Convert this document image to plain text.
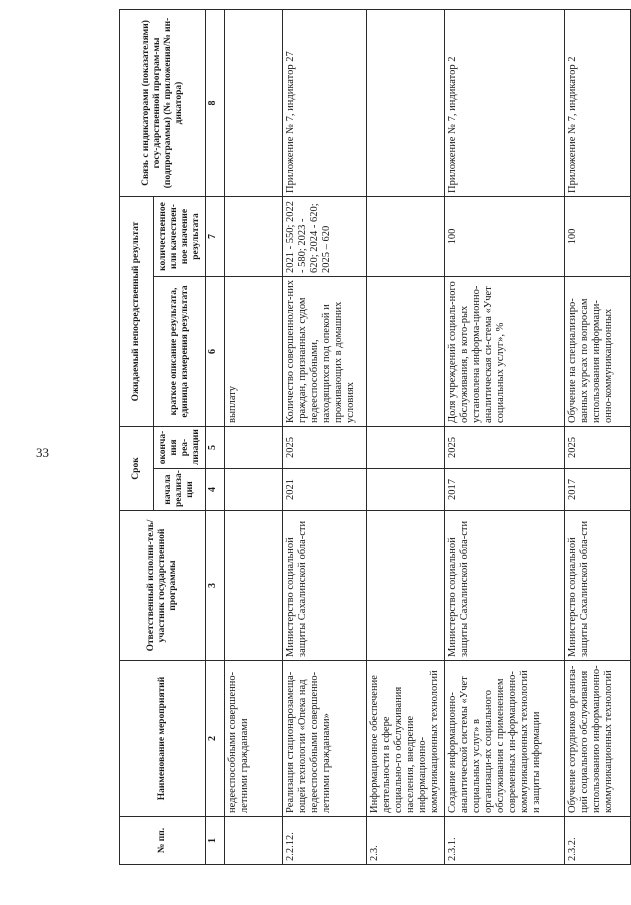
33
№ пп.	Наименование мероприятий	Ответственный исполни-тель/участник государственной программы	Срок		Ожидаемый непосредственный результат		Связь с индикаторами (показателями) госу-дарственной програм-мы (подпрограммы) (№ приложения/№ ин-дикатора)
			начала реализа-ции	оконча-ния реа-лизации	краткое описание результата, единица измерения результата	количественное или качествен-ное значение результата	
1	2	3	4	5	6	7	8
	недееспособными совершенно-летними гражданами				выплату		
2.2.12.	Реализация стационарозамеща-ющей технологии «Опека над недееспособными совершенно-летними гражданами»	Министерство социальной защиты Сахалинской обла-сти	2021	2025	Количество совершеннолет-них граждан, признанных судом недееспособными, находящихся под опекой и проживающих в домашних условиях	2021 - 550; 2022 - 580; 2023 - 620; 2024 - 620; 2025 – 620	Приложение № 7, индикатор 27
2.3.	Информационное обеспечение деятельности в сфере социально-го обслуживания населения, внедрение информационно-коммуникационных технологий						
2.3.1.	Создание информационно-аналитической системы «Учет социальных услуг» в организаци-ях социального обслуживания с применением современных ин-формационно-коммуникационных технологий и защиты информации	Министерство социальной защиты Сахалинской обла-сти	2017	2025	Доля учреждений социаль-ного обслуживания, в кото-рых установлена информа-ционно-аналитическая си-стема «Учет социальных услуг», %	100	Приложение № 7, индикатор 2
2.3.2.	Обучение сотрудников организа-ций социального обслуживания использованию информационно-коммуникационных технологий	Министерство социальной защиты Сахалинской обла-сти	2017	2025	Обучение на специализиро-ванных курсах по вопросам использования информаци-онно-коммуникационных	100	Приложение № 7, индикатор 2
